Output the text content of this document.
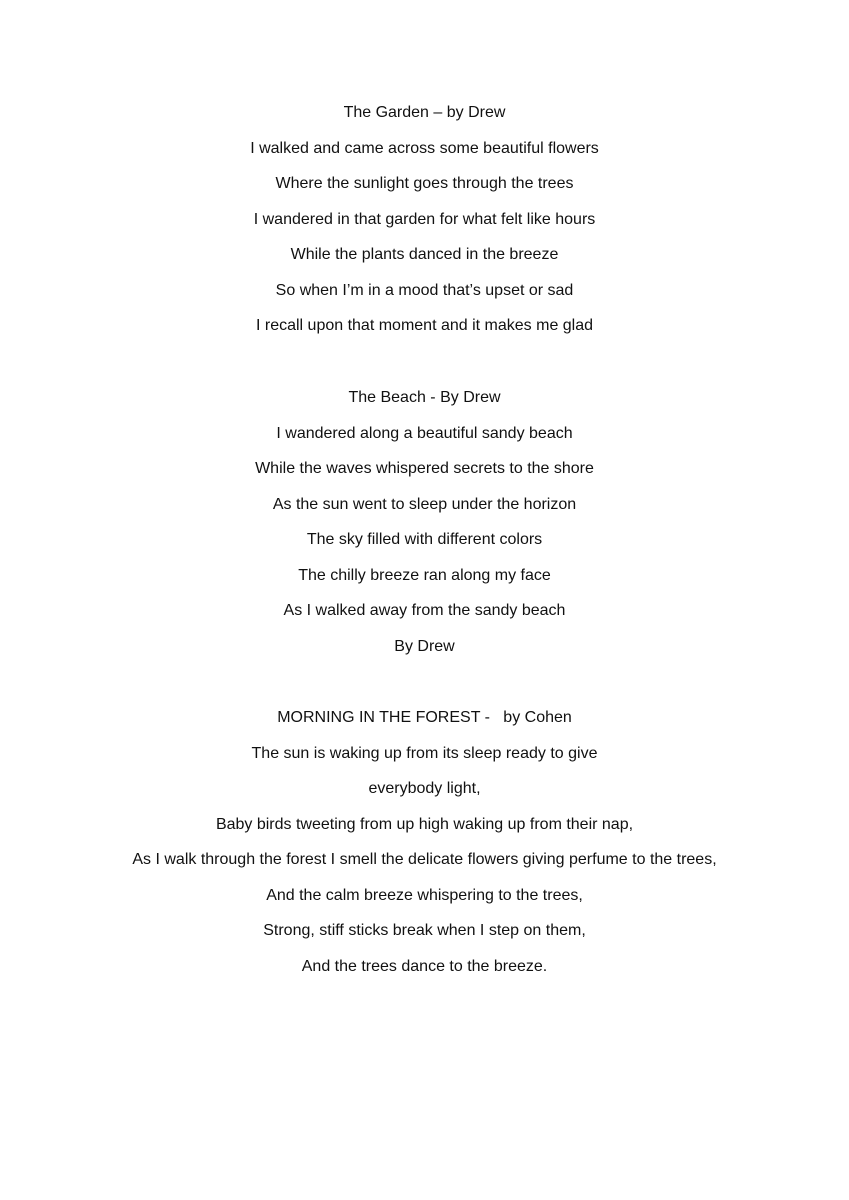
The Garden – by Drew

I walked and came across some beautiful flowers

Where the sunlight goes through the trees

I wandered in that garden for what felt like hours

While the plants danced in the breeze

So when I’m in a mood that’s upset or sad

I recall upon that moment and it makes me glad

The Beach - By Drew

I wandered along a beautiful sandy beach

While the waves whispered secrets to the shore

As the sun went to sleep under the horizon

The sky filled with different colors

The chilly breeze ran along my face

As I walked away from the sandy beach

By Drew

MORNING IN THE FOREST -   by Cohen

The sun is waking up from its sleep ready to give

everybody light,

Baby birds tweeting from up high waking up from their nap,

As I walk through the forest I smell the delicate flowers giving perfume to the trees,

And the calm breeze whispering to the trees,

Strong, stiff sticks break when I step on them,

And the trees dance to the breeze.
